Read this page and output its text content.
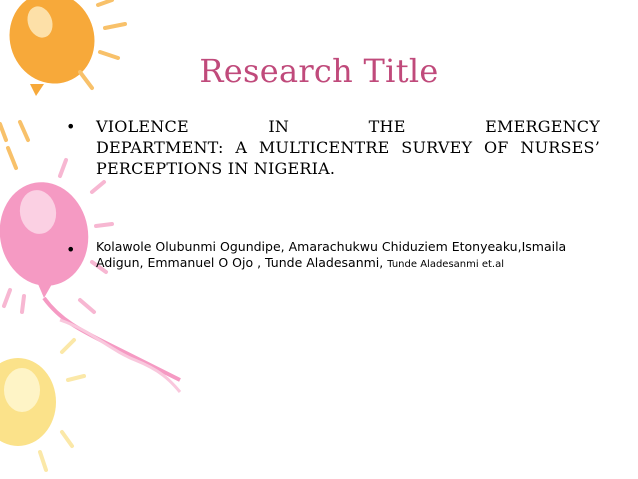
Research Title
• VIOLENCE IN THE EMERGENCY
DEPARTMENT: A MULTICENTRE SURVEY OF NURSES’ PERCEPTIONS IN NIGERIA.
• Kolawole Olubunmi Ogundipe, Amarachukwu Chiduziem Etonyeaku,Ismaila Adigun, Emmanuel O Ojo , Tunde Aladesanmi, Tunde Aladesanmi et.al
